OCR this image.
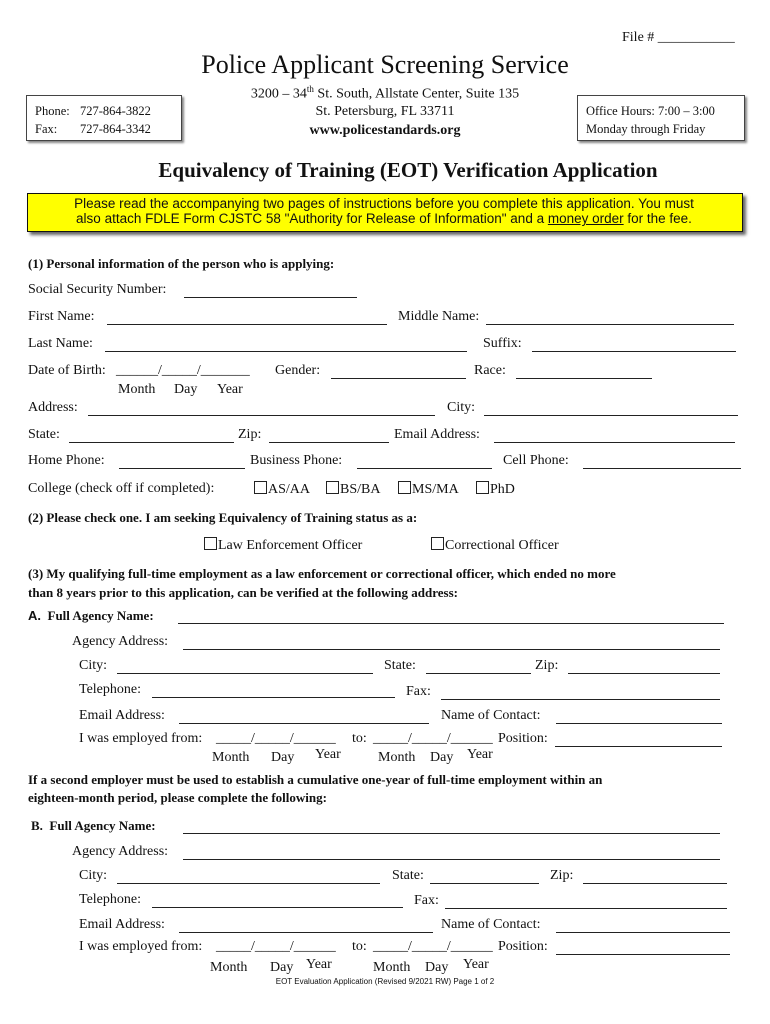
File # ___________
Police Applicant Screening Service
3200 – 34th St. South, Allstate Center, Suite 135
St. Petersburg, FL 33711
www.policestandards.org
Phone: 727-864-3822
Fax: 727-864-3342
Office Hours: 7:00 – 3:00
Monday through Friday
Equivalency of Training (EOT) Verification Application
Please read the accompanying two pages of instructions before you complete this application. You must
also attach FDLE Form CJSTC 58 "Authority for Release of Information" and a money order for the fee.
(1) Personal information of the person who is applying:
Social Security Number:
First Name:	Middle Name:
Last Name:	Suffix:
Date of Birth: ______/_____/_______ Gender:	Race:
Month Day Year
Address:	City:
State:	Zip:	Email Address:
Home Phone:	Business Phone:	Cell Phone:
College (check off if completed):	AS/AA	BS/BA	MS/MA	PhD
(2) Please check one. I am seeking Equivalency of Training status as a:
Law Enforcement Officer	Correctional Officer
(3) My qualifying full-time employment as a law enforcement or correctional officer, which ended no more
than 8 years prior to this application, can be verified at the following address:
A. Full Agency Name:
Agency Address:
City:	State:	Zip:
Telephone:	Fax:
Email Address:	Name of Contact:
I was employed from: _____/_____/______ to: _____/_____/______ Position:
Month Day Year	Month Day Year
If a second employer must be used to establish a cumulative one-year of full-time employment within an
eighteen-month period, please complete the following:
B. Full Agency Name:
Agency Address:
City:	State:	Zip:
Telephone:	Fax:
Email Address:	Name of Contact:
I was employed from: _____/_____/______ to: _____/_____/______ Position:
Month Day Year	Month Day Year
EOT Evaluation Application (Revised 9/2021 RW) Page 1 of 2
